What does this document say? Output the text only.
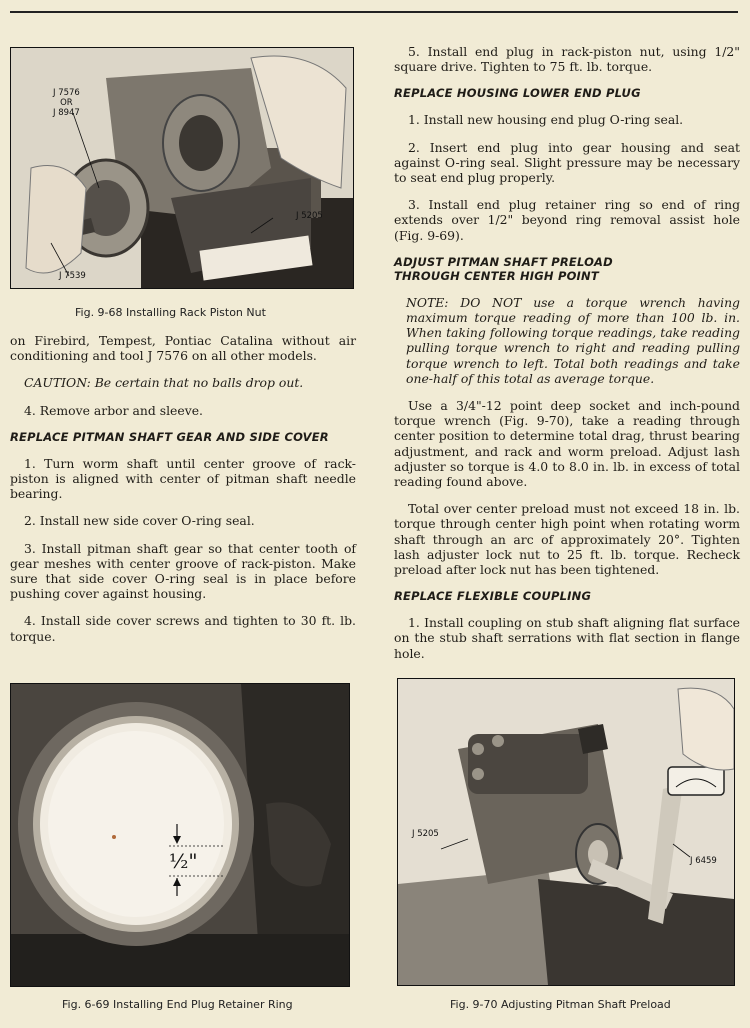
J 7576
OR
J 8947
J 5205
J 7539
Fig. 9-68 Installing Rack Piston Nut

on Firebird, Tempest, Pontiac Catalina without air conditioning and tool J 7576 on all other models.

CAUTION: Be certain that no balls drop out.

4. Remove arbor and sleeve.

REPLACE PITMAN SHAFT GEAR AND SIDE COVER

1. Turn worm shaft until center groove of rack-piston is aligned with center of pitman shaft needle bearing.

2. Install new side cover O-ring seal.

3. Install pitman shaft gear so that center tooth of gear meshes with center groove of rack-piston. Make sure that side cover O-ring seal is in place before pushing cover against housing.

4. Install side cover screws and tighten to 30 ft. lb. torque.

½"
Fig. 6-69 Installing End Plug Retainer Ring

5. Install end plug in rack-piston nut, using 1/2" square drive. Tighten to 75 ft. lb. torque.

REPLACE HOUSING LOWER END PLUG

1. Install new housing end plug O-ring seal.

2. Insert end plug into gear housing and seat against O-ring seal. Slight pressure may be necessary to seat end plug properly.

3. Install end plug retainer ring so end of ring extends over 1/2" beyond ring removal assist hole (Fig. 9-69).

ADJUST PITMAN SHAFT PRELOAD
THROUGH CENTER HIGH POINT

NOTE: DO NOT use a torque wrench having maximum torque reading of more than 100 lb. in. When taking following torque readings, take reading pulling torque wrench to right and reading pulling torque wrench to left. Total both readings and take one-half of this total as average torque.

Use a 3/4"-12 point deep socket and inch-pound torque wrench (Fig. 9-70), take a reading through center position to determine total drag, thrust bearing adjustment, and rack and worm preload. Adjust lash adjuster so torque is 4.0 to 8.0 in. lb. in excess of total reading found above.

Total over center preload must not exceed 18 in. lb. torque through center high point when rotating worm shaft through an arc of approximately 20°. Tighten lash adjuster lock nut to 25 ft. lb. torque. Recheck preload after lock nut has been tightened.

REPLACE FLEXIBLE COUPLING

1. Install coupling on stub shaft aligning flat surface on the stub shaft serrations with flat section in flange hole.

J 5205
J 6459
Fig. 9-70 Adjusting Pitman Shaft Preload
